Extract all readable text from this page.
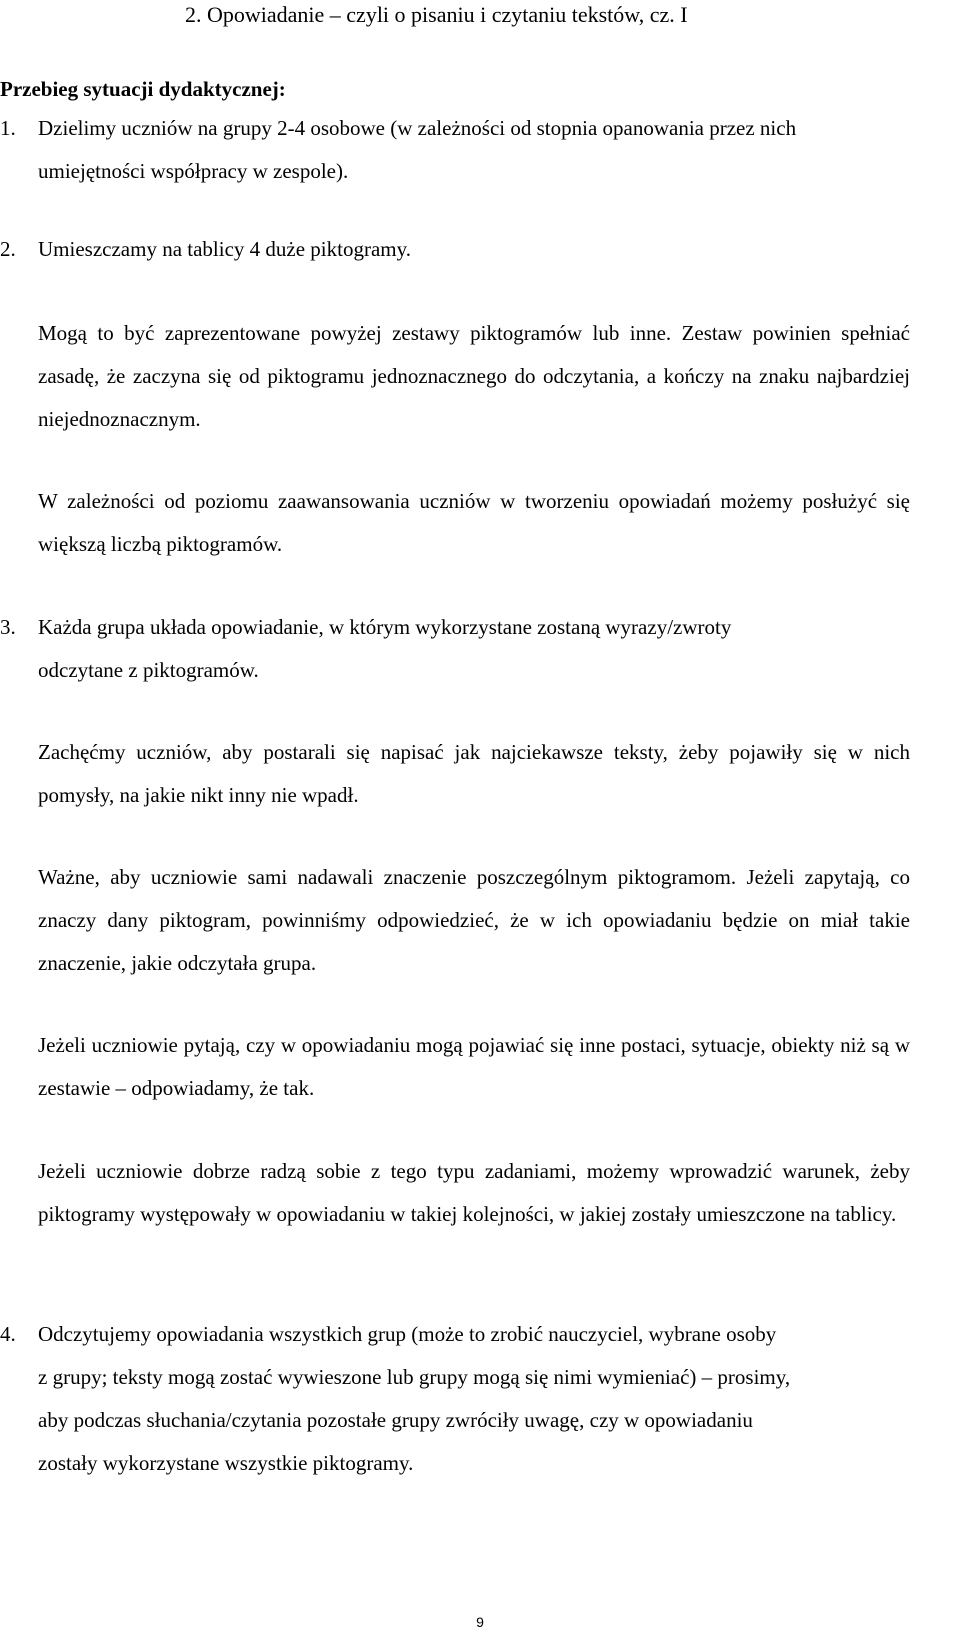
2. Opowiadanie – czyli o pisaniu i czytaniu tekstów, cz. I

Przebieg sytuacji dydaktycznej:

1. Dzielimy uczniów na grupy 2-4 osobowe (w zależności od stopnia opanowania przez nich
umiejętności współpracy w zespole).
2. Umieszczamy na tablicy 4 duże piktogramy.

Mogą to być zaprezentowane powyżej zestawy piktogramów lub inne. Zestaw powinien spełniać zasadę, że zaczyna się od piktogramu jednoznacznego do odczytania, a kończy na znaku najbardziej niejednoznacznym.

W zależności od poziomu zaawansowania uczniów w tworzeniu opowiadań możemy posłużyć się większą liczbą piktogramów.

3. Każda grupa układa opowiadanie, w którym wykorzystane zostaną wyrazy/zwroty
odczytane z piktogramów.

Zachęćmy uczniów, aby postarali się napisać jak najciekawsze teksty, żeby pojawiły się w nich pomysły, na jakie nikt inny nie wpadł.

Ważne, aby uczniowie sami nadawali znaczenie poszczególnym piktogramom. Jeżeli zapytają, co znaczy dany piktogram, powinniśmy odpowiedzieć, że w ich opowiadaniu będzie on miał takie znaczenie, jakie odczytała grupa.

Jeżeli uczniowie pytają, czy w opowiadaniu mogą pojawiać się inne postaci, sytuacje, obiekty niż są w zestawie – odpowiadamy, że tak.

Jeżeli uczniowie dobrze radzą sobie z tego typu zadaniami, możemy wprowadzić warunek, żeby piktogramy występowały w opowiadaniu w takiej kolejności, w jakiej zostały umieszczone na tablicy.

4. Odczytujemy opowiadania wszystkich grup (może to zrobić nauczyciel, wybrane osoby
z grupy; teksty mogą zostać wywieszone lub grupy mogą się nimi wymieniać) – prosimy,
aby podczas słuchania/czytania pozostałe grupy zwróciły uwagę, czy w opowiadaniu
zostały wykorzystane wszystkie piktogramy.
9
